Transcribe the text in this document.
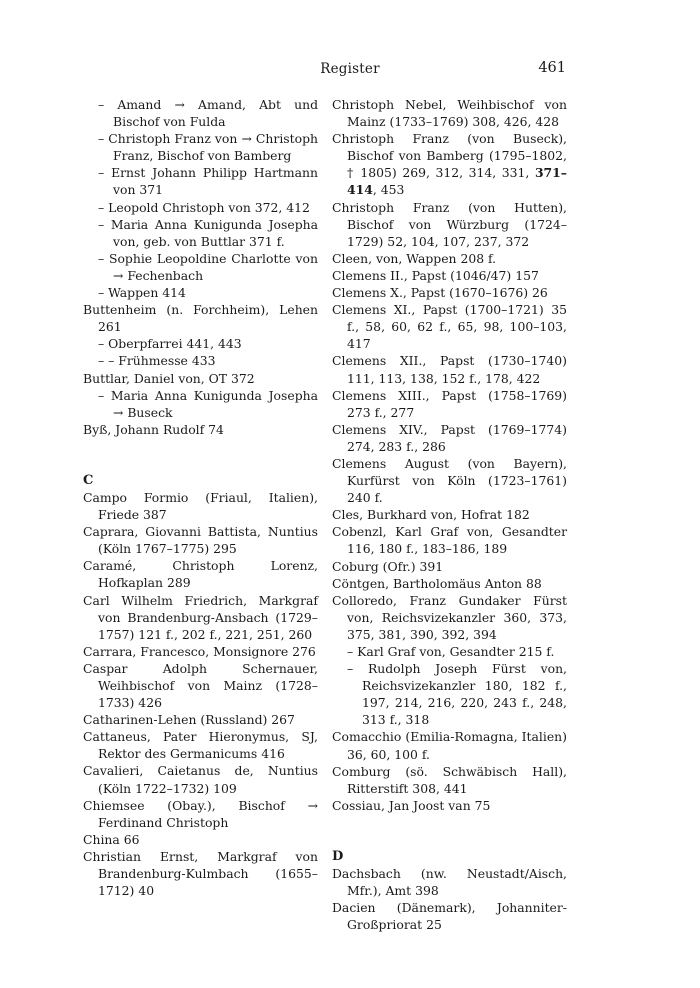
Register	461

– Amand → Amand, Abt und Bischof von Fulda

– Christoph Franz von → Christoph Franz, Bischof von Bamberg

– Ernst Johann Philipp Hartmann von 371

– Leopold Christoph von 372, 412

– Maria Anna Kunigunda Josepha von, geb. von Buttlar 371 f.

– Sophie Leopoldine Charlotte von → Fechenbach

– Wappen 414

Buttenheim (n. Forchheim), Lehen 261

– Oberpfarrei 441, 443

– – Frühmesse 433

Buttlar, Daniel von, OT 372

– Maria Anna Kunigunda Josepha → Buseck

Byß, Johann Rudolf 74

C

Campo Formio (Friaul, Italien), Friede 387

Caprara, Giovanni Battista, Nuntius (Köln 1767–1775) 295

Caramé, Christoph Lorenz, Hofkaplan 289

Carl Wilhelm Friedrich, Markgraf von Brandenburg-Ansbach (1729–1757) 121 f., 202 f., 221, 251, 260

Carrara, Francesco, Monsignore 276

Caspar Adolph Schernauer, Weihbischof von Mainz (1728–1733) 426

Catharinen-Lehen (Russland) 267

Cattaneus, Pater Hieronymus, SJ, Rektor des Germanicums 416

Cavalieri, Caietanus de, Nuntius (Köln 1722–1732) 109

Chiemsee (Obay.), Bischof → Ferdinand Christoph

China 66

Christian Ernst, Markgraf von Brandenburg-Kulmbach (1655–1712) 40

Christoph Nebel, Weihbischof von Mainz (1733–1769) 308, 426, 428

Christoph Franz (von Buseck), Bischof von Bamberg (1795–1802, † 1805) 269, 312, 314, 331, 371–414, 453

Christoph Franz (von Hutten), Bischof von Würzburg (1724–1729) 52, 104, 107, 237, 372

Cleen, von, Wappen 208 f.

Clemens II., Papst (1046/47) 157

Clemens X., Papst (1670–1676) 26

Clemens XI., Papst (1700–1721) 35 f., 58, 60, 62 f., 65, 98, 100–103, 417

Clemens XII., Papst (1730–1740) 111, 113, 138, 152 f., 178, 422

Clemens XIII., Papst (1758–1769) 273 f., 277

Clemens XIV., Papst (1769–1774) 274, 283 f., 286

Clemens August (von Bayern), Kurfürst von Köln (1723–1761) 240 f.

Cles, Burkhard von, Hofrat 182

Cobenzl, Karl Graf von, Gesandter 116, 180 f., 183–186, 189

Coburg (Ofr.) 391

Cöntgen, Bartholomäus Anton 88

Colloredo, Franz Gundaker Fürst von, Reichsvizekanzler 360, 373, 375, 381, 390, 392, 394

– Karl Graf von, Gesandter 215 f.

– Rudolph Joseph Fürst von, Reichsvizekanzler 180, 182 f., 197, 214, 216, 220, 243 f., 248, 313 f., 318

Comacchio (Emilia-Romagna, Italien) 36, 60, 100 f.

Comburg (sö. Schwäbisch Hall), Ritterstift 308, 441

Cossiau, Jan Joost van 75

D

Dachsbach (nw. Neustadt/Aisch, Mfr.), Amt 398

Dacien (Dänemark), Johanniter-Großpriorat 25
